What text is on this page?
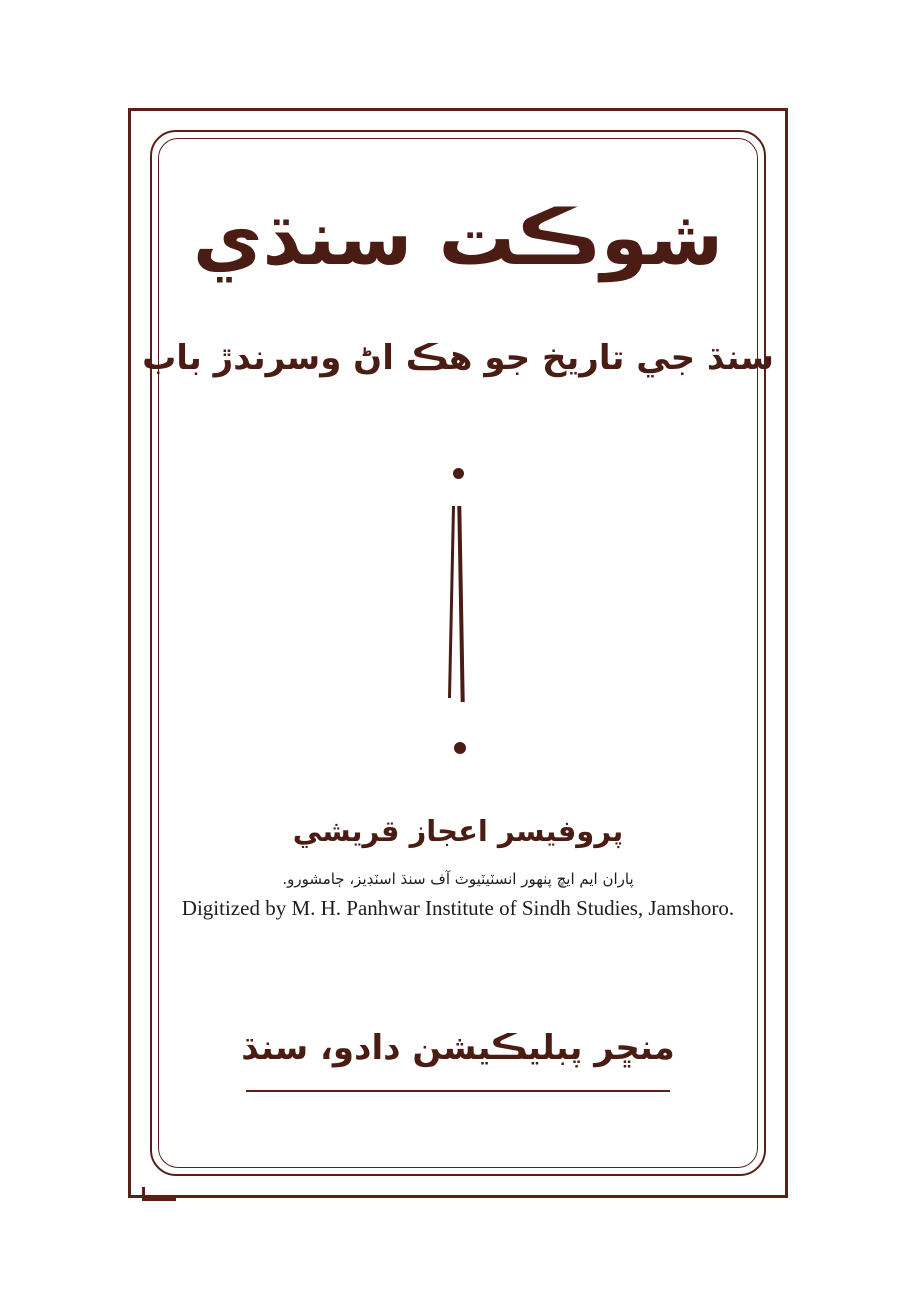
شوڪت سنڌي
سنڌ جي تاريخ جو هڪ اڻ وسرندڙ باب
پروفيسر اعجاز قريشي
پاران ايم ايڇ پنهور انسٽيٽيوٽ آف سنڌ اسٽڊيز، ڄامشورو.
Digitized by M. H. Panhwar Institute of Sindh Studies, Jamshoro.
منڇر پبليڪيشن دادو، سنڌ
